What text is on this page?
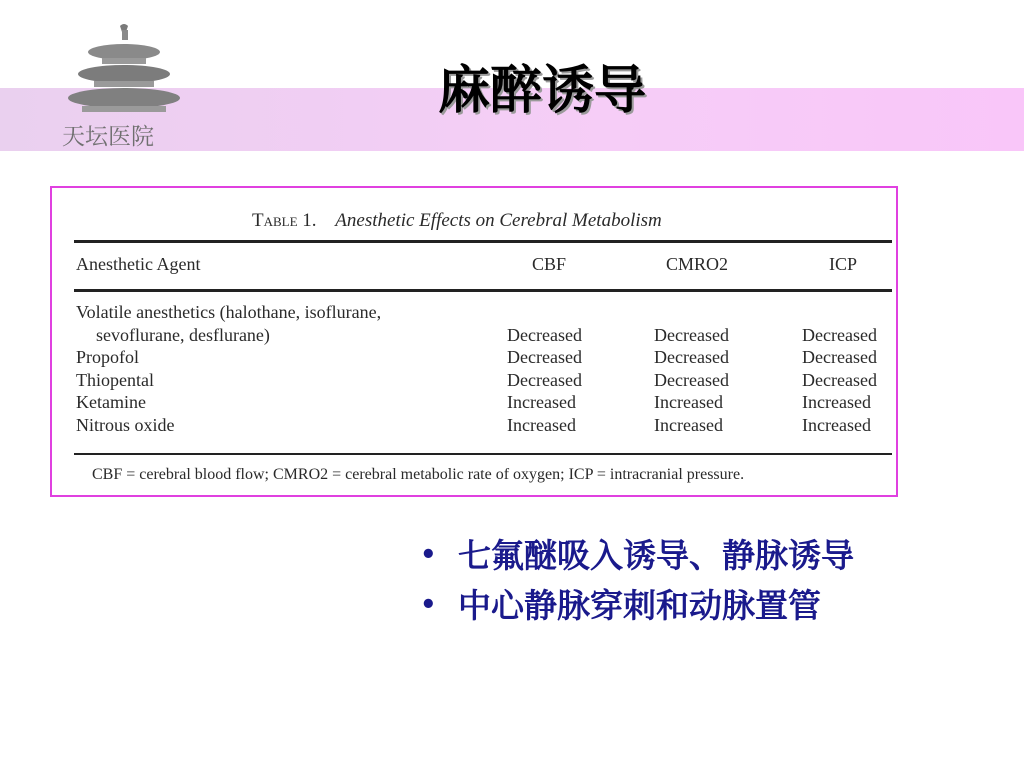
天坛医院
麻醉诱导
Table 1. Anesthetic Effects on Cerebral Metabolism
Anesthetic Agent	CBF	CMRO2	ICP
Volatile anesthetics (halothane, isoflurane,
sevoflurane, desflurane)	Decreased	Decreased	Decreased
Propofol	Decreased	Decreased	Decreased
Thiopental	Decreased	Decreased	Decreased
Ketamine	Increased	Increased	Increased
Nitrous oxide	Increased	Increased	Increased
CBF = cerebral blood flow; CMRO2 = cerebral metabolic rate of oxygen; ICP = intracranial pressure.
• 七氟醚吸入诱导、静脉诱导
• 中心静脉穿刺和动脉置管
